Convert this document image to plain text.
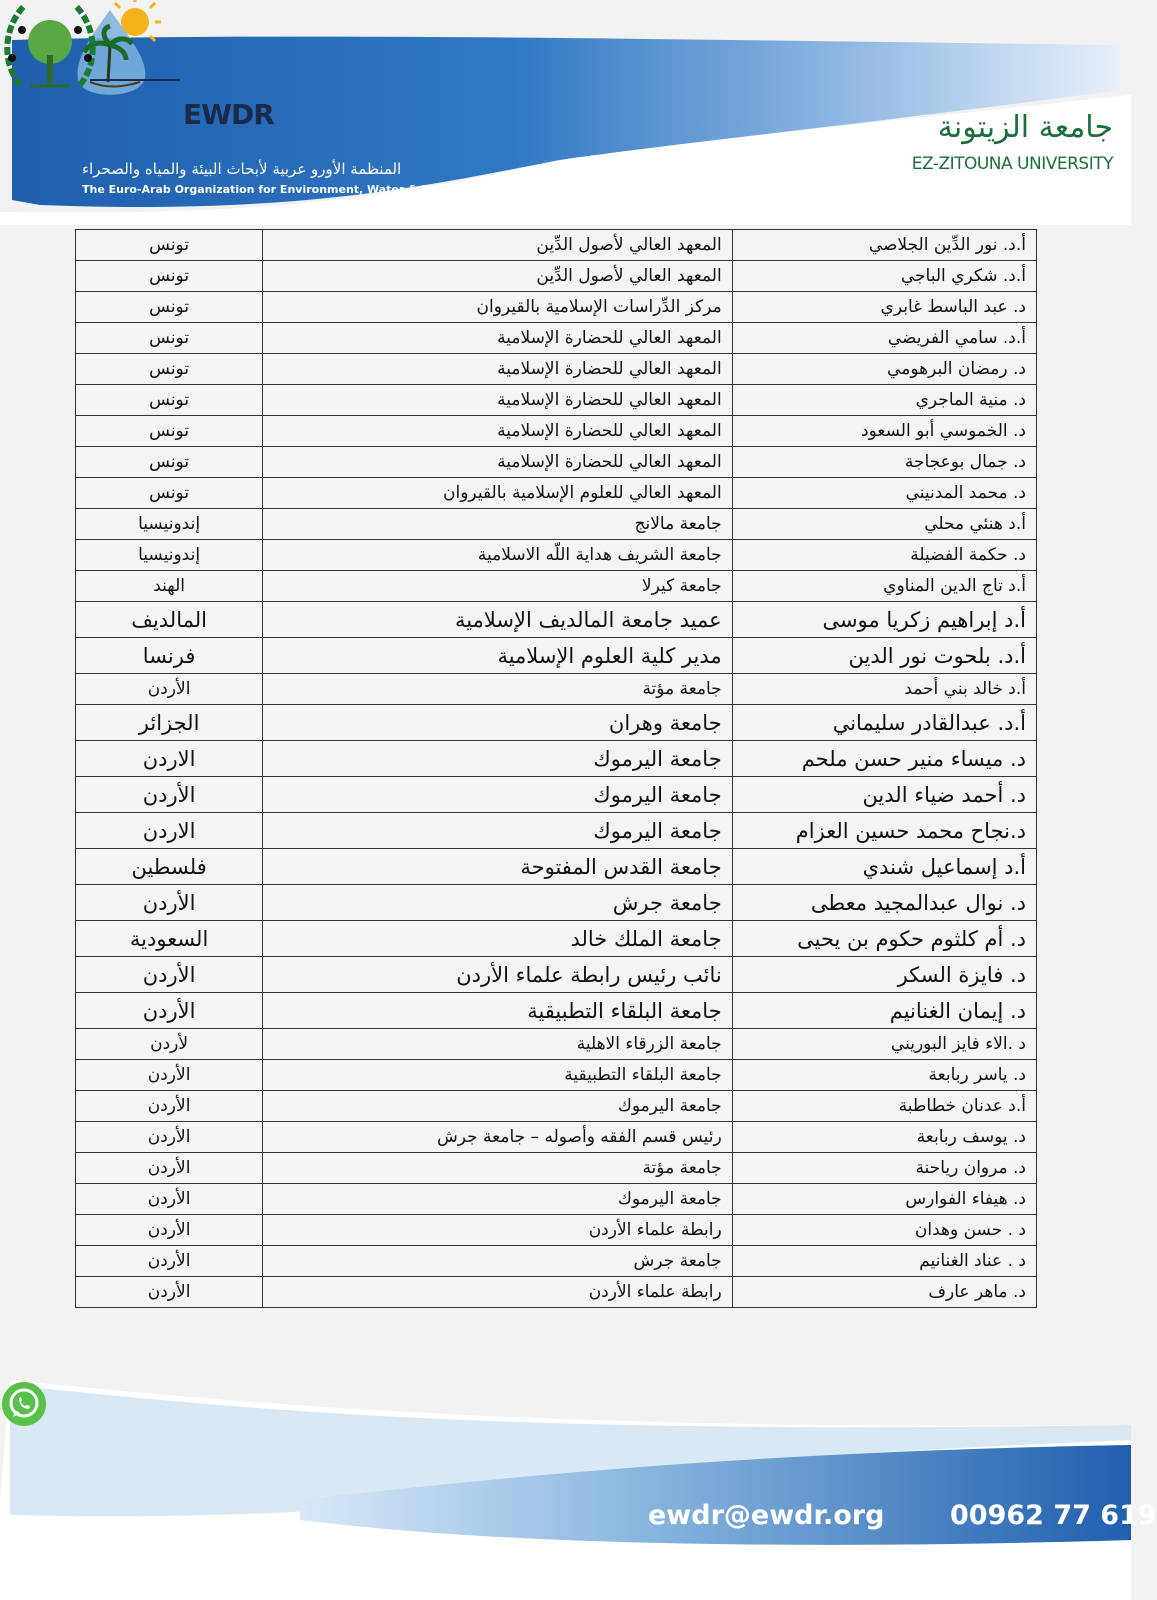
EWDR
المنظمة الأورو عربية لأبحاث البيئة والمياه والصحراء
The Euro-Arab Organization for Environment, Water & Desert Researches
جامعة الزيتونة
EZ-ZITOUNA UNIVERSITY
أ.د. نور الدِّين الجلاصي	المعهد العالي لأصول الدِّين	تونس
أ.د. شكري الباجي	المعهد العالي لأصول الدِّين	تونس
د. عبد الباسط غابري	مركز الدِّراسات الإسلامية بالقيروان	تونس
أ.د. سامي الفريضي	المعهد العالي للحضارة الإسلامية	تونس
د. رمضان البرهومي	المعهد العالي للحضارة الإسلامية	تونس
د. منية الماجري	المعهد العالي للحضارة الإسلامية	تونس
د. الخموسي أبو السعود	المعهد العالي للحضارة الإسلامية	تونس
د. جمال بوعجاجة	المعهد العالي للحضارة الإسلامية	تونس
د. محمد المدنيني	المعهد العالي للعلوم الإسلامية بالقيروان	تونس
أ.د هنئي محلي	جامعة مالانج	إندونيسيا
د. حكمة الفضيلة	جامعة الشريف هداية اللّه الاسلامية	إندونيسيا
أ.د تاج الدين المناوي	جامعة كيرلا	الهند
أ.د إبراهيم زكريا موسى	عميد جامعة المالديف الإسلامية	المالديف
أ.د. بلحوت نور الدين	مدير كلية العلوم الإسلامية	فرنسا
أ.د خالد بني أحمد	جامعة مؤتة	الأردن
أ.د. عبدالقادر سليماني	جامعة وهران	الجزائر
د. ميساء منير حسن ملحم	جامعة اليرموك	الاردن
د. أحمد ضياء الدين	جامعة اليرموك	الأردن
د.نجاح محمد حسين العزام	جامعة اليرموك	الاردن
أ.د إسماعيل شندي	جامعة القدس المفتوحة	فلسطين
د. نوال عبدالمجيد معطى	جامعة جرش	الأردن
د. أم كلثوم حكوم بن يحيى	جامعة الملك خالد	السعودية
د. فايزة السكر	نائب رئيس رابطة علماء الأردن	الأردن
د. إيمان الغنانيم	جامعة البلقاء التطبيقية	الأردن
د .الاء فايز البوريني	جامعة الزرقاء الاهلية	لأردن
د. ياسر ربابعة	جامعة البلقاء التطبيقية	الأردن
أ.د عدنان خطاطبة	جامعة اليرموك	الأردن
د. يوسف ربابعة	رئيس قسم الفقه وأصوله – جامعة جرش	الأردن
د. مروان رياحنة	جامعة مؤتة	الأردن
د. هيفاء الفوارس	جامعة اليرموك	الأردن
د . حسن وهدان	رابطة علماء الأردن	الأردن
د . عناد الغنانيم	جامعة جرش	الأردن
د. ماهر عارف	رابطة علماء الأردن	الأردن
ewdr@ewdr.org 00962 77 619
